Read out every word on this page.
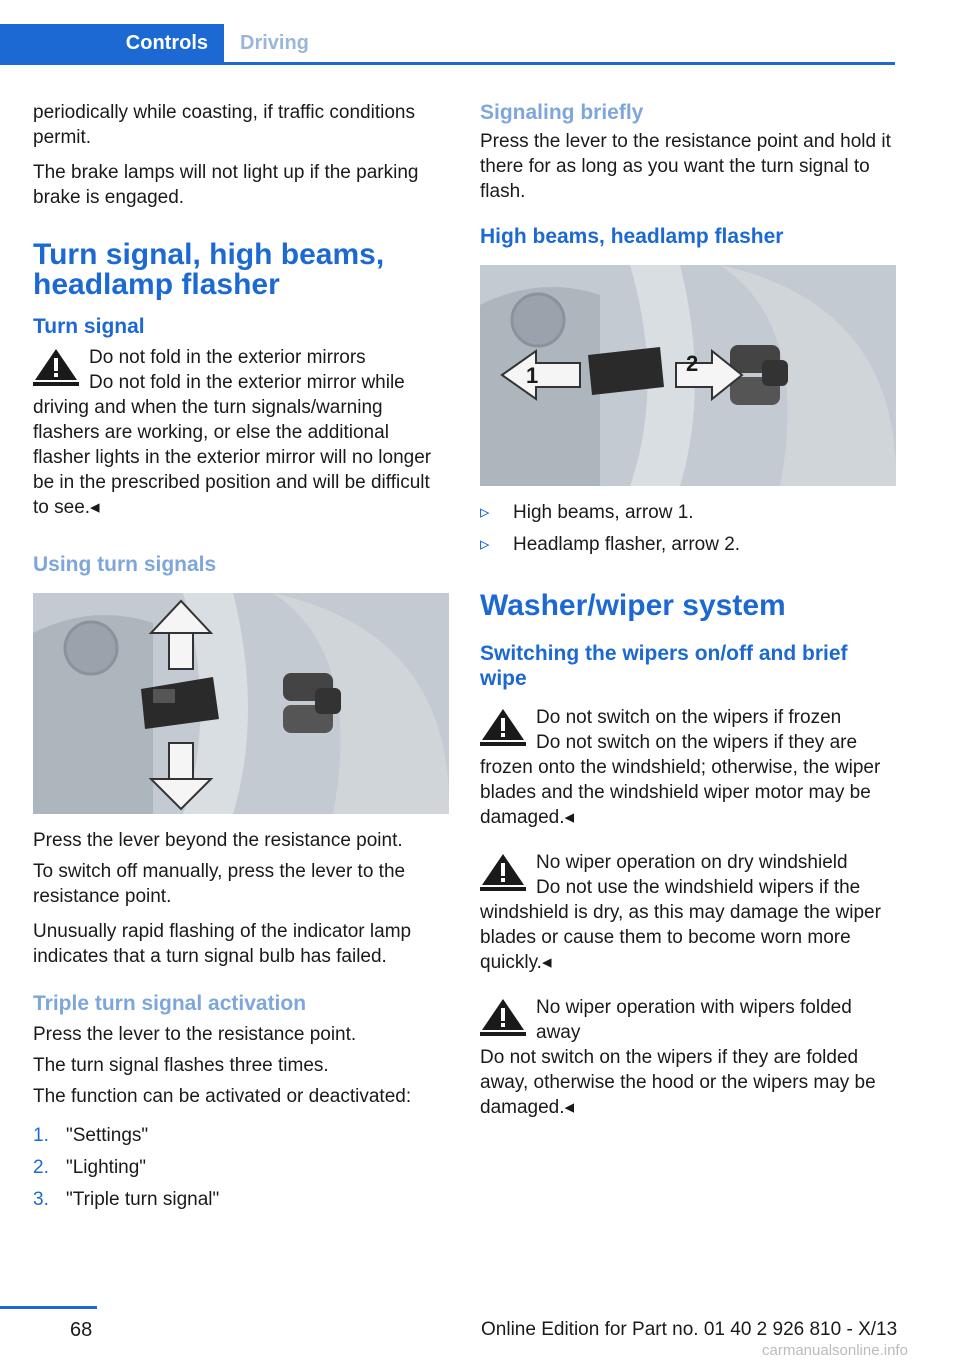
Controls	Driving

periodically while coasting, if traffic conditions permit.

The brake lamps will not light up if the parking brake is engaged.

Turn signal, high beams, headlamp flasher
Turn signal
Do not fold in the exterior mirrors
Do not fold in the exterior mirror while driving and when the turn signals/warning flashers are working, or else the additional flasher lights in the exterior mirror will no longer be in the prescribed position and will be difficult to see.◂
Using turn signals

Press the lever beyond the resistance point.

To switch off manually, press the lever to the resistance point.

Unusually rapid flashing of the indicator lamp indicates that a turn signal bulb has failed.

Triple turn signal activation

Press the lever to the resistance point.

The turn signal flashes three times.

The function can be activated or deactivated:

1. "Settings"
2. "Lighting"
3. "Triple turn signal"
Signaling briefly

Press the lever to the resistance point and hold it there for as long as you want the turn signal to flash.

High beams, headlamp flasher
1	2
▹ High beams, arrow 1.
▹ Headlamp flasher, arrow 2.
Washer/wiper system
Switching the wipers on/off and brief wipe
Do not switch on the wipers if frozen
Do not switch on the wipers if they are frozen onto the windshield; otherwise, the wiper blades and the windshield wiper motor may be damaged.◂
No wiper operation on dry windshield
Do not use the windshield wipers if the windshield is dry, as this may damage the wiper blades or cause them to become worn more quickly.◂
No wiper operation with wipers folded away
Do not switch on the wipers if they are folded away, otherwise the hood or the wipers may be damaged.◂
68	Online Edition for Part no. 01 40 2 926 810 - X/13
carmanualsonline.info
